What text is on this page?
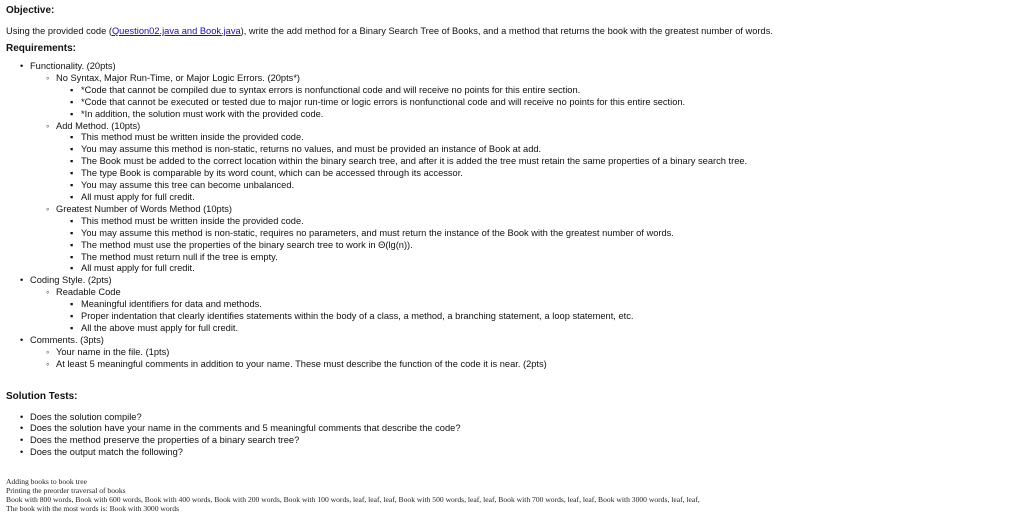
Objective:
Using the provided code (Question02.java and Book.java), write the add method for a Binary Search Tree of Books, and a method that returns the book with the greatest number of words.
Requirements:
• Functionality. (20pts)
◦ No Syntax, Major Run-Time, or Major Logic Errors. (20pts*)
▪ *Code that cannot be compiled due to syntax errors is nonfunctional code and will receive no points for this entire section.
▪ *Code that cannot be executed or tested due to major run-time or logic errors is nonfunctional code and will receive no points for this entire section.
▪ *In addition, the solution must work with the provided code.
◦ Add Method. (10pts)
▪ This method must be written inside the provided code.
▪ You may assume this method is non-static, returns no values, and must be provided an instance of Book at add.
▪ The Book must be added to the correct location within the binary search tree, and after it is added the tree must retain the same properties of a binary search tree.
▪ The type Book is comparable by its word count, which can be accessed through its accessor.
▪ You may assume this tree can become unbalanced.
▪ All must apply for full credit.
◦ Greatest Number of Words Method (10pts)
▪ This method must be written inside the provided code.
▪ You may assume this method is non-static, requires no parameters, and must return the instance of the Book with the greatest number of words.
▪ The method must use the properties of the binary search tree to work in Θ(lg(n)).
▪ The method must return null if the tree is empty.
▪ All must apply for full credit.
• Coding Style. (2pts)
◦ Readable Code
▪ Meaningful identifiers for data and methods.
▪ Proper indentation that clearly identifies statements within the body of a class, a method, a branching statement, a loop statement, etc.
▪ All the above must apply for full credit.
• Comments. (3pts)
◦ Your name in the file. (1pts)
◦ At least 5 meaningful comments in addition to your name. These must describe the function of the code it is near. (2pts)
Solution Tests:
• Does the solution compile?
• Does the solution have your name in the comments and 5 meaningful comments that describe the code?
• Does the method preserve the properties of a binary search tree?
• Does the output match the following?
Adding books to book tree
Printing the preorder traversal of books
Book with 800 words, Book with 600 words, Book with 400 words, Book with 200 words, Book with 100 words, leaf, leaf, leaf, Book with 500 words, leaf, leaf, Book with 700 words, leaf, leaf, Book with 3000 words, leaf, leaf,
The book with the most words is: Book with 3000 words
